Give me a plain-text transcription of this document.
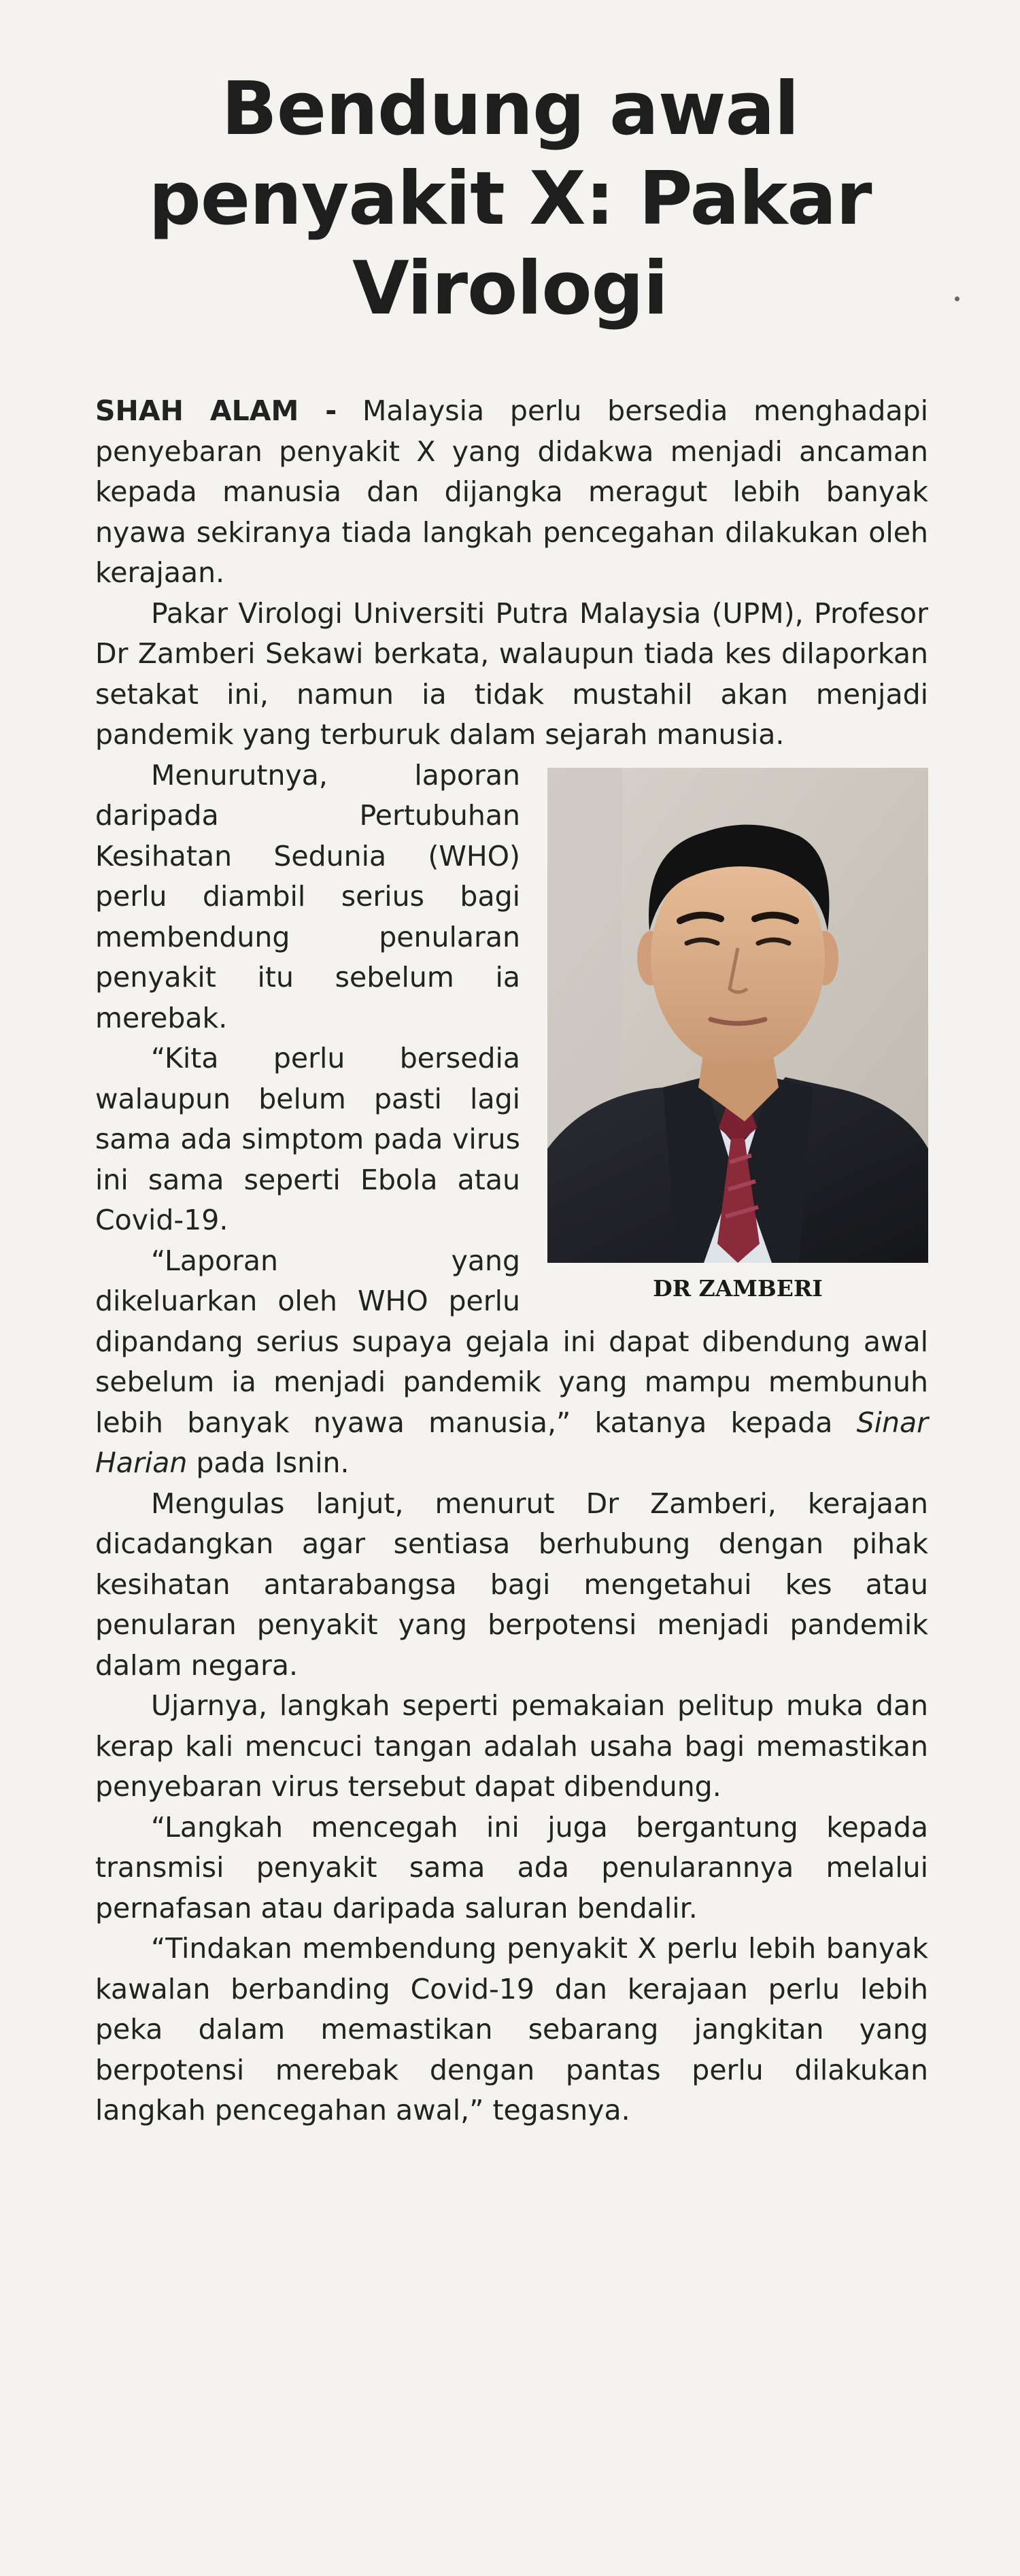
Bendung awal
penyakit X: Pakar
Virologi

SHAH ALAM - Malaysia perlu bersedia menghadapi penyebaran penyakit X yang didakwa menjadi ancaman kepada manusia dan dijangka meragut lebih banyak nyawa sekiranya tiada langkah pencegahan dilakukan oleh kerajaan.

Pakar Virologi Universiti Putra Malaysia (UPM), Profesor Dr Zamberi Sekawi berkata, walaupun tiada kes dilaporkan setakat ini, namun ia tidak mustahil akan menjadi pandemik yang terburuk dalam sejarah manusia.

DR ZAMBERI

Menurutnya, laporan daripada Pertubuhan Kesihatan Sedunia (WHO) perlu diambil serius bagi membendung penularan penyakit itu sebelum ia merebak.

“Kita perlu bersedia walaupun belum pasti lagi sama ada simptom pada virus ini sama seperti Ebola atau Covid-19.

“Laporan yang dikeluarkan oleh WHO perlu dipandang serius supaya gejala ini dapat dibendung awal sebelum ia menjadi pandemik yang mampu membunuh lebih banyak nyawa manusia,” katanya kepada Sinar Harian pada Isnin.

Mengulas lanjut, menurut Dr Zamberi, kerajaan dicadangkan agar sentiasa berhubung dengan pihak kesihatan antarabangsa bagi mengetahui kes atau penularan penyakit yang berpotensi menjadi pandemik dalam negara.

Ujarnya, langkah seperti pemakaian pelitup muka dan kerap kali mencuci tangan adalah usaha bagi memastikan penyebaran virus tersebut dapat dibendung.

“Langkah mencegah ini juga bergantung kepada transmisi penyakit sama ada penularannya melalui pernafasan atau daripada saluran bendalir.

“Tindakan membendung penyakit X perlu lebih banyak kawalan berbanding Covid-19 dan kerajaan perlu lebih peka dalam memastikan sebarang jangkitan yang berpotensi merebak dengan pantas perlu dilakukan langkah pencegahan awal,” tegasnya.
